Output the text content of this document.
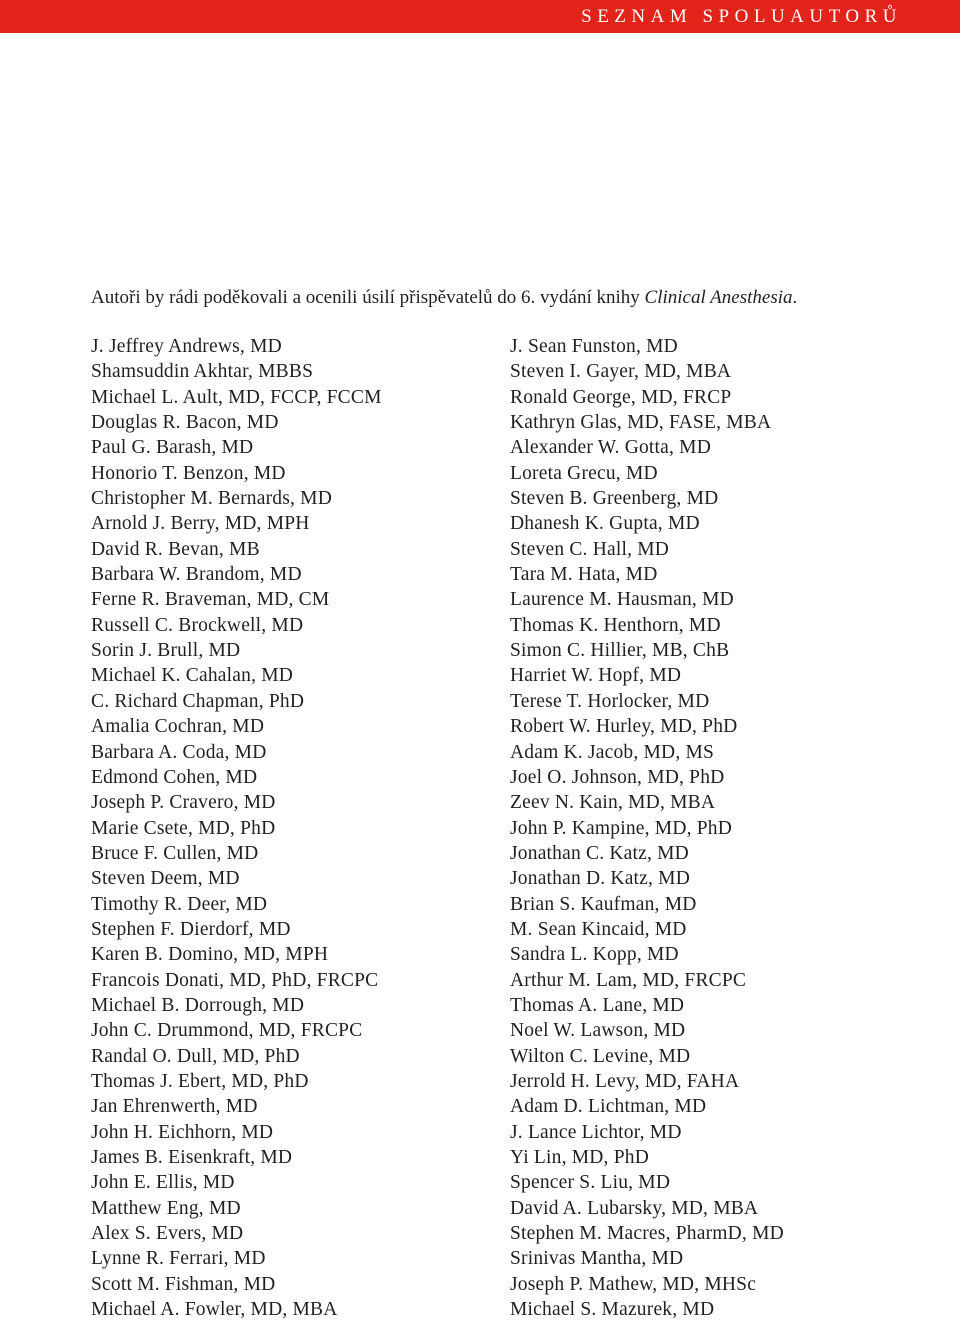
SEZNAM SPOLUAUTORŮ

Autoři by rádi poděkovali a ocenili úsilí přispěvatelů do 6. vydání knihy Clinical Anesthesia.

J. Jeffrey Andrews, MD
Shamsuddin Akhtar, MBBS
Michael L. Ault, MD, FCCP, FCCM
Douglas R. Bacon, MD
Paul G. Barash, MD
Honorio T. Benzon, MD
Christopher M. Bernards, MD
Arnold J. Berry, MD, MPH
David R. Bevan, MB
Barbara W. Brandom, MD
Ferne R. Braveman, MD, CM
Russell C. Brockwell, MD
Sorin J. Brull, MD
Michael K. Cahalan, MD
C. Richard Chapman, PhD
Amalia Cochran, MD
Barbara A. Coda, MD
Edmond Cohen, MD
Joseph P. Cravero, MD
Marie Csete, MD, PhD
Bruce F. Cullen, MD
Steven Deem, MD
Timothy R. Deer, MD
Stephen F. Dierdorf, MD
Karen B. Domino, MD, MPH
Francois Donati, MD, PhD, FRCPC
Michael B. Dorrough, MD
John C. Drummond, MD, FRCPC
Randal O. Dull, MD, PhD
Thomas J. Ebert, MD, PhD
Jan Ehrenwerth, MD
John H. Eichhorn, MD
James B. Eisenkraft, MD
John E. Ellis, MD
Matthew Eng, MD
Alex S. Evers, MD
Lynne R. Ferrari, MD
Scott M. Fishman, MD
Michael A. Fowler, MD, MBA
J. Sean Funston, MD
Steven I. Gayer, MD, MBA
Ronald George, MD, FRCP
Kathryn Glas, MD, FASE, MBA
Alexander W. Gotta, MD
Loreta Grecu, MD
Steven B. Greenberg, MD
Dhanesh K. Gupta, MD
Steven C. Hall, MD
Tara M. Hata, MD
Laurence M. Hausman, MD
Thomas K. Henthorn, MD
Simon C. Hillier, MB, ChB
Harriet W. Hopf, MD
Terese T. Horlocker, MD
Robert W. Hurley, MD, PhD
Adam K. Jacob, MD, MS
Joel O. Johnson, MD, PhD
Zeev N. Kain, MD, MBA
John P. Kampine, MD, PhD
Jonathan C. Katz, MD
Jonathan D. Katz, MD
Brian S. Kaufman, MD
M. Sean Kincaid, MD
Sandra L. Kopp, MD
Arthur M. Lam, MD, FRCPC
Thomas A. Lane, MD
Noel W. Lawson, MD
Wilton C. Levine, MD
Jerrold H. Levy, MD, FAHA
Adam D. Lichtman, MD
J. Lance Lichtor, MD
Yi Lin, MD, PhD
Spencer S. Liu, MD
David A. Lubarsky, MD, MBA
Stephen M. Macres, PharmD, MD
Srinivas Mantha, MD
Joseph P. Mathew, MD, MHSc
Michael S. Mazurek, MD
